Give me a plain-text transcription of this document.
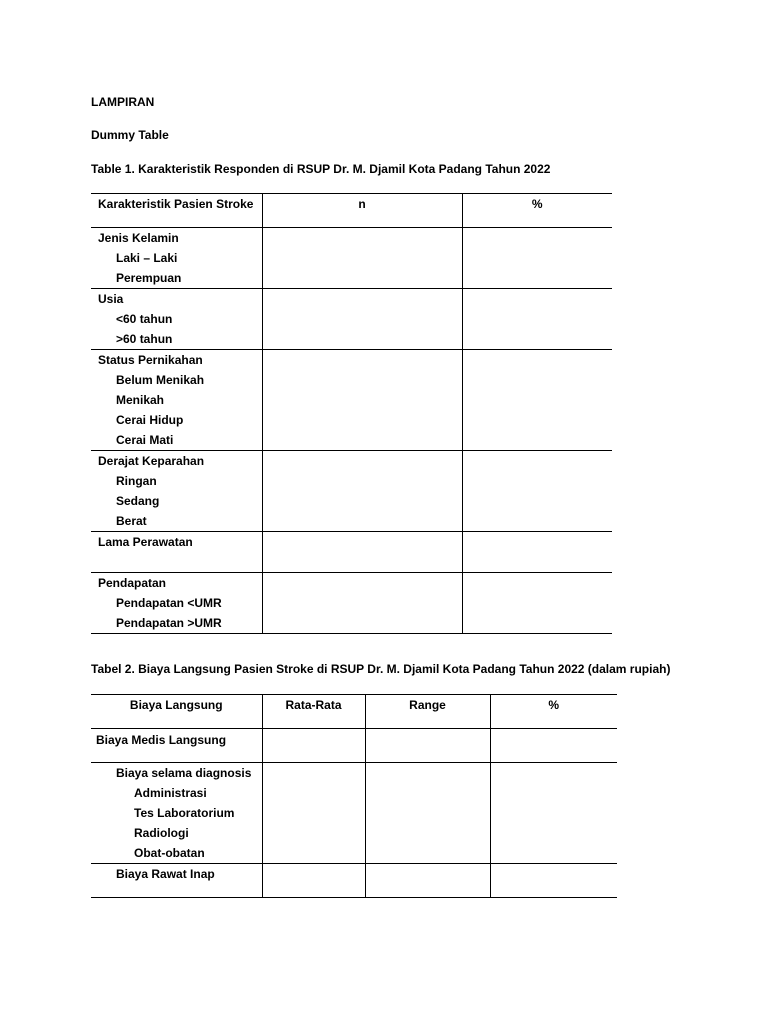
LAMPIRAN
Dummy Table
Table 1. Karakteristik Responden di RSUP Dr. M. Djamil Kota Padang Tahun 2022
Karakteristik Pasien Stroke	n	%

Jenis Kelamin
Laki – Laki
Perempuan		

Usia
<60 tahun
>60 tahun		

Status Pernikahan
Belum Menikah
Menikah
Cerai Hidup
Cerai Mati		

Derajat Keparahan
Ringan
Sedang
Berat		

Lama Perawatan		

Pendapatan
Pendapatan <UMR
Pendapatan >UMR		

Tabel 2. Biaya Langsung Pasien Stroke di RSUP Dr. M. Djamil Kota Padang Tahun 2022 (dalam rupiah)
Biaya Langsung	Rata-Rata	Range	%

Biaya Medis Langsung			

Biaya selama diagnosis
Administrasi
Tes Laboratorium
Radiologi
Obat-obatan			

Biaya Rawat Inap			
